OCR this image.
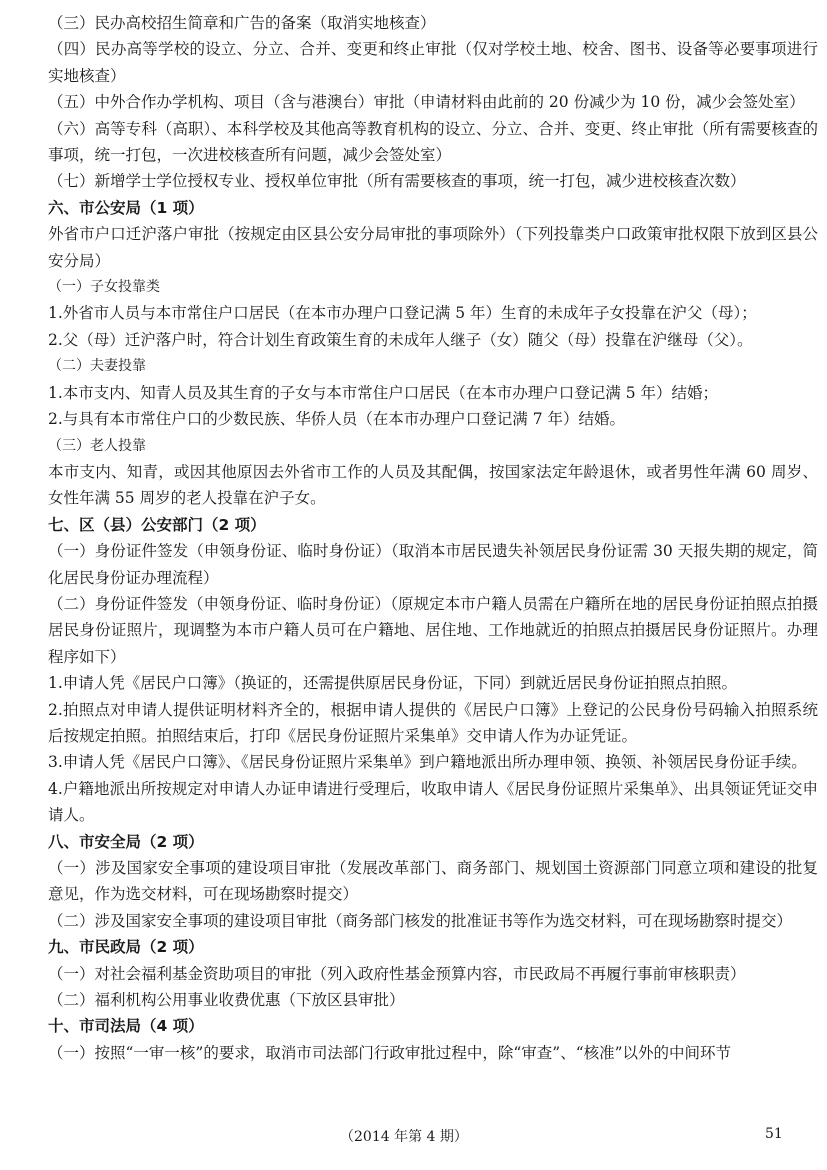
（三）民办高校招生简章和广告的备案（取消实地核查）

（四）民办高等学校的设立、分立、合并、变更和终止审批（仅对学校土地、校舍、图书、设备等必要事项进行实地核查）

（五）中外合作办学机构、项目（含与港澳台）审批（申请材料由此前的 20 份减少为 10 份，减少会签处室）

（六）高等专科（高职）、本科学校及其他高等教育机构的设立、分立、合并、变更、终止审批（所有需要核查的事项，统一打包，一次进校核查所有问题，减少会签处室）

（七）新增学士学位授权专业、授权单位审批（所有需要核查的事项，统一打包，减少进校核查次数）

六、市公安局（1 项）

外省市户口迁沪落户审批（按规定由区县公安分局审批的事项除外）（下列投靠类户口政策审批权限下放到区县公安分局）

（一）子女投靠类

1.外省市人员与本市常住户口居民（在本市办理户口登记满 5 年）生育的未成年子女投靠在沪父（母）；

2.父（母）迁沪落户时，符合计划生育政策生育的未成年人继子（女）随父（母）投靠在沪继母（父）。

（二）夫妻投靠

1.本市支内、知青人员及其生育的子女与本市常住户口居民（在本市办理户口登记满 5 年）结婚；

2.与具有本市常住户口的少数民族、华侨人员（在本市办理户口登记满 7 年）结婚。

（三）老人投靠

本市支内、知青，或因其他原因去外省市工作的人员及其配偶，按国家法定年龄退休，或者男性年满 60 周岁、女性年满 55 周岁的老人投靠在沪子女。

七、区（县）公安部门（2 项）

（一）身份证件签发（申领身份证、临时身份证）（取消本市居民遗失补领居民身份证需 30 天报失期的规定，简化居民身份证办理流程）

（二）身份证件签发（申领身份证、临时身份证）（原规定本市户籍人员需在户籍所在地的居民身份证拍照点拍摄居民身份证照片，现调整为本市户籍人员可在户籍地、居住地、工作地就近的拍照点拍摄居民身份证照片。办理程序如下）

1.申请人凭《居民户口簿》（换证的，还需提供原居民身份证，下同）到就近居民身份证拍照点拍照。

2.拍照点对申请人提供证明材料齐全的，根据申请人提供的《居民户口簿》上登记的公民身份号码输入拍照系统后按规定拍照。拍照结束后，打印《居民身份证照片采集单》交申请人作为办证凭证。

3.申请人凭《居民户口簿》、《居民身份证照片采集单》到户籍地派出所办理申领、换领、补领居民身份证手续。

4.户籍地派出所按规定对申请人办证申请进行受理后，收取申请人《居民身份证照片采集单》、出具领证凭证交申请人。

八、市安全局（2 项）

（一）涉及国家安全事项的建设项目审批（发展改革部门、商务部门、规划国土资源部门同意立项和建设的批复意见，作为选交材料，可在现场勘察时提交）

（二）涉及国家安全事项的建设项目审批（商务部门核发的批准证书等作为选交材料，可在现场勘察时提交）

九、市民政局（2 项）

（一）对社会福利基金资助项目的审批（列入政府性基金预算内容，市民政局不再履行事前审核职责）

（二）福利机构公用事业收费优惠（下放区县审批）

十、市司法局（4 项）

（一）按照“一审一核”的要求，取消市司法部门行政审批过程中，除“审查”、“核准”以外的中间环节

（2014 年第 4 期）	51
